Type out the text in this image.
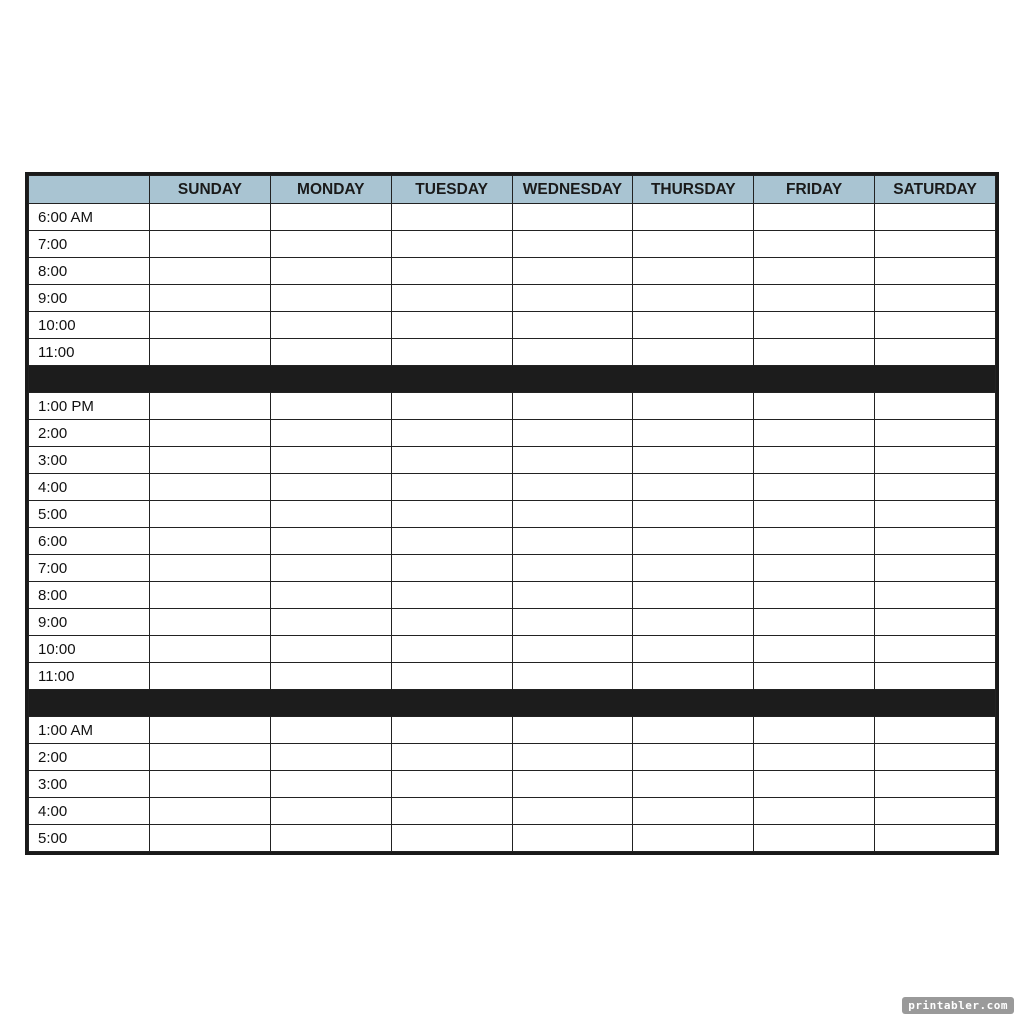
	SUNDAY	MONDAY	TUESDAY	WEDNESDAY	THURSDAY	FRIDAY	SATURDAY
6:00 AM							
7:00							
8:00							
9:00							
10:00							
11:00							

1:00 PM							
2:00							
3:00							
4:00							
5:00							
6:00							
7:00							
8:00							
9:00							
10:00							
11:00							

1:00 AM							
2:00							
3:00							
4:00							
5:00							
printabler.com
